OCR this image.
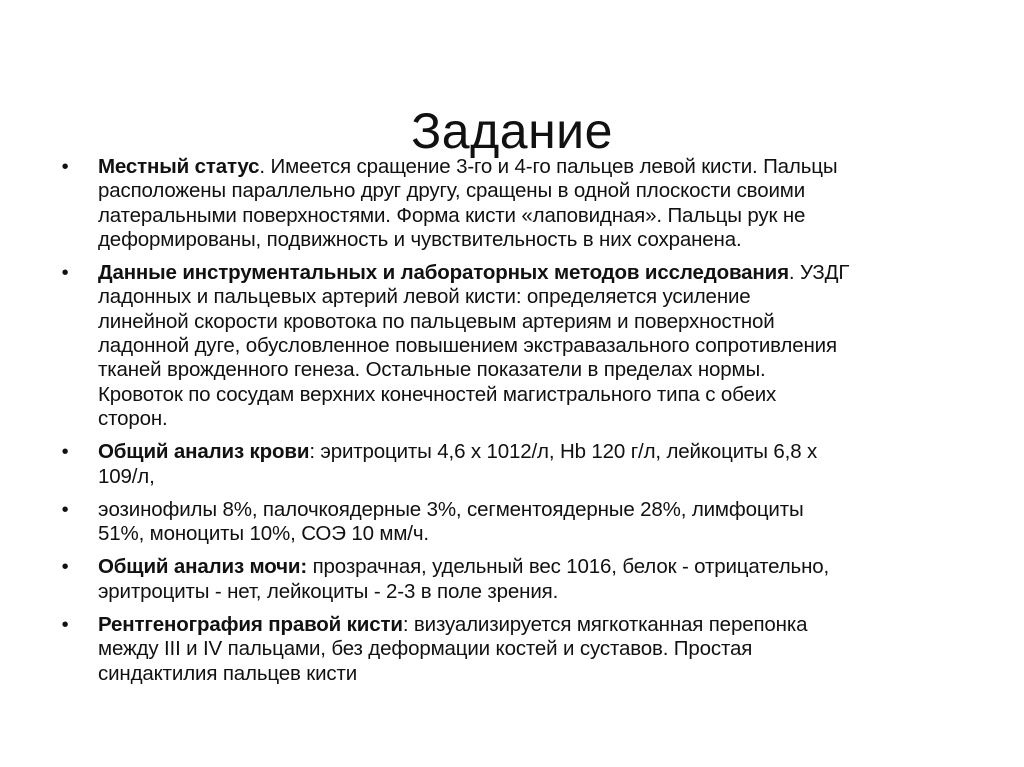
Задание
• Местный статус. Имеется сращение 3-го и 4-го пальцев левой кисти. Пальцы
расположены параллельно друг другу, сращены в одной плоскости своими
латеральными поверхностями. Форма кисти «лаповидная». Пальцы рук не
деформированы, подвижность и чувствительность в них сохранена.
• Данные инструментальных и лабораторных методов исследования. УЗДГ
ладонных и пальцевых артерий левой кисти: определяется усиление
линейной скорости кровотока по пальцевым артериям и поверхностной
ладонной дуге, обусловленное повышением экстравазального сопротивления
тканей врожденного генеза. Остальные показатели в пределах нормы.
Кровоток по сосудам верхних конечностей магистрального типа с обеих
сторон.
• Общий анализ крови: эритроциты 4,6 х 1012/л, Hb 120 г/л, лейкоциты 6,8 х
109/л,
• эозинофилы 8%, палочкоядерные 3%, сегментоядерные 28%, лимфоциты
51%, моноциты 10%, СОЭ 10 мм/ч.
• Общий анализ мочи: прозрачная, удельный вес 1016, белок - отрицательно,
эритроциты - нет, лейкоциты - 2-3 в поле зрения.
• Рентгенография правой кисти: визуализируется мягкотканная перепонка
между III и IV пальцами, без деформации костей и суставов. Простая
синдактилия пальцев кисти
